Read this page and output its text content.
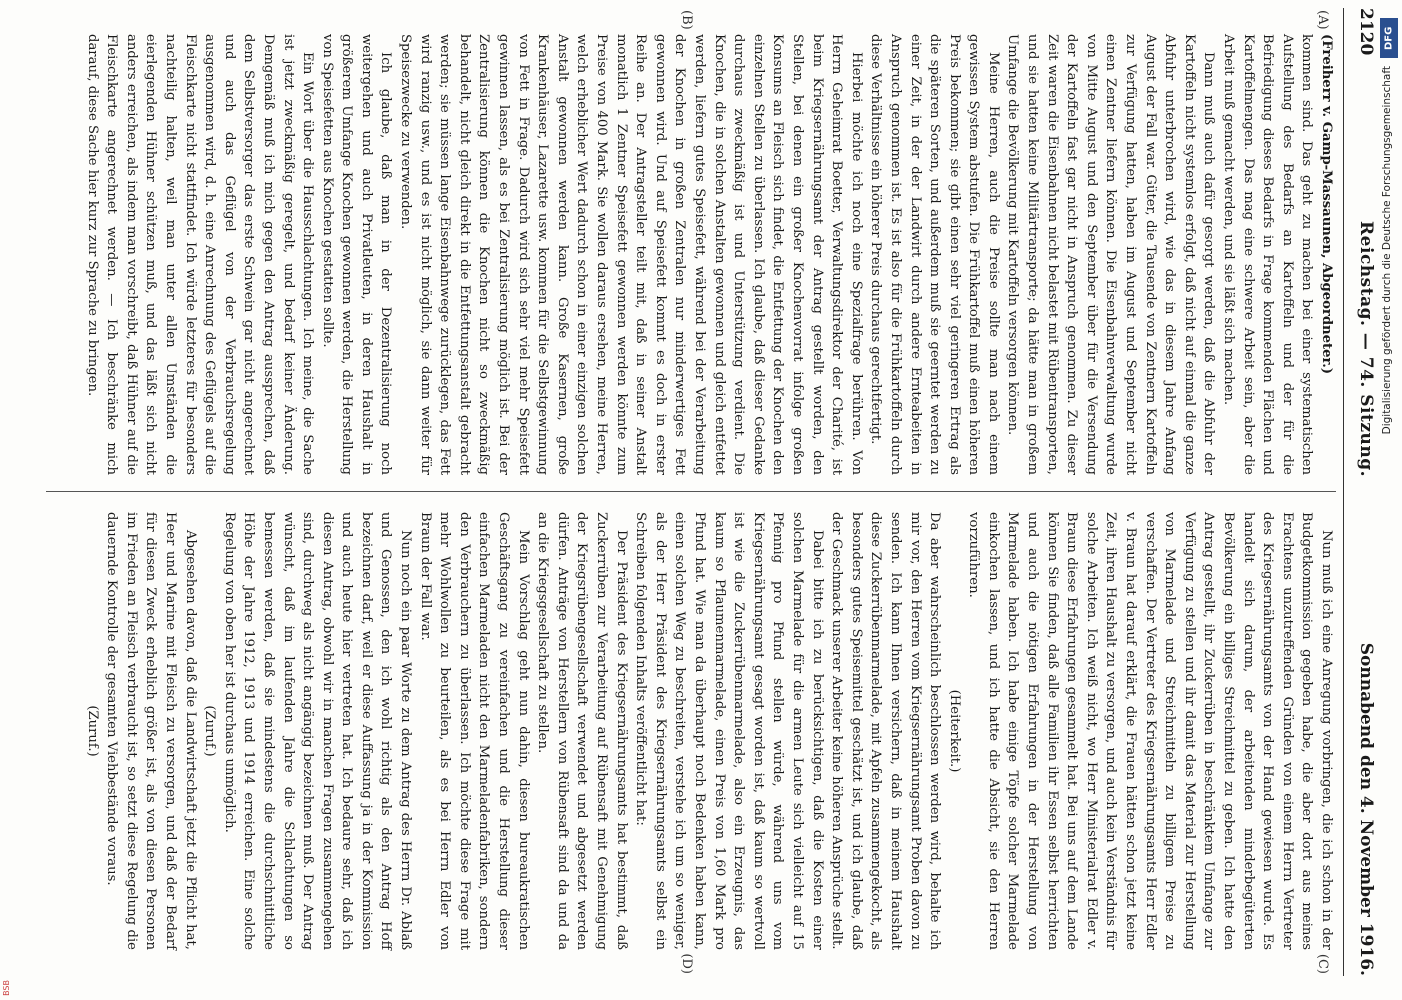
2120
Reichstag. — 74. Sitzung.
Sonnabend den 4. November 1916.
(A)
(B)

(Freiherr v. Gamp-Massaunen, Abgeordneter.)

kommen sind. Das geht zu machen bei einer systematischen Aufstellung des Bedarfs an Kartoffeln und der für die Befriedigung dieses Bedarfs in Frage kommenden Flächen und Kartoffelmengen. Das mag eine schwere Arbeit sein, aber die Arbeit muß gemacht werden, und sie läßt sich machen.

Dann muß auch dafür gesorgt werden, daß die Abfuhr der Kartoffeln nicht systemlos erfolgt, daß nicht auf einmal die ganze Abfuhr unterbrochen wird, wie das in diesem Jahre Anfang August der Fall war. Güter, die Tausende von Zentnern Kartoffeln zur Verfügung hatten, haben im August und September nicht einen Zentner liefern können. Die Eisenbahnverwaltung wurde von Mitte August und den September über für die Versendung der Kartoffeln fast gar nicht in Anspruch genommen. Zu dieser Zeit waren die Eisenbahnen nicht belastet mit Rübentransporten, und sie hatten keine Militärtransporte; da hätte man in großem Umfange die Bevölkerung mit Kartoffeln versorgen können.

Meine Herren, auch die Preise sollte man nach einem gewissen System abstufen. Die Frühkartoffel muß einen höheren Preis bekommen; sie gibt einen sehr viel geringeren Ertrag als die späteren Sorten, und außerdem muß sie geerntet werden zu einer Zeit, in der der Landwirt durch andere Ernteabeiten in Anspruch genommen ist. Es ist also für die Frühkartoffeln durch diese Verhältnisse ein höherer Preis durchaus gerechtfertigt.

Hierbei möchte ich noch eine Spezialfrage berühren. Von Herrn Geheimrat Boetter, Verwaltungsdirektor der Charité, ist beim Kriegsernährungsamt der Antrag gestellt worden, den Stellen, bei denen ein großer Knochenvorrat infolge großen Konsums an Fleisch sich findet, die Entfettung der Knochen den einzelnen Stellen zu überlassen. Ich glaube, daß dieser Gedanke durchaus zweckmäßig ist und Unterstützung verdient. Die Knochen, die in solchen Anstalten gewonnen und gleich entfettet werden, liefern gutes Speisefett, während bei der Verarbeitung der Knochen in großen Zentralen nur minderwertiges Fett gewonnen wird. Und auf Speisefett kommt es doch in erster Reihe an. Der Antragsteller teilt mit, daß in seiner Anstalt monatlich 1 Zentner Speisefett gewonnen werden könnte zum Preise von 400 Mark. Sie wollen daraus ersehen, meine Herren, welch erheblicher Wert dadurch schon in einer einzigen solchen Anstalt gewonnen werden kann. Große Kasernen, große Krankenhäuser, Lazarette usw. kommen für die Selbstgewinnung von Fett in Frage. Dadurch wird sich sehr viel mehr Speisefett gewinnen lassen, als es bei Zentralisierung möglich ist. Bei der Zentralisierung können die Knochen nicht so zweckmäßig behandelt, nicht gleich direkt in die Entfettungsanstalt gebracht werden; sie müssen lange Eisenbahnwege zurücklegen, das Fett wird ranzig usw., und es ist nicht möglich, sie dann weiter für Speisezwecke zu verwenden.

Ich glaube, daß man in der Dezentralisierung noch weitergehen und auch Privatleuten, in deren Haushalt in größerem Umfange Knochen gewonnen werden, die Herstellung von Speisefetten aus Knochen gestatten sollte.

Ein Wort über die Hausschlachtungen. Ich meine, die Sache ist jetzt zweckmäßig geregelt, und bedarf keiner Änderung. Demgemäß muß ich mich gegen den Antrag aussprechen, daß dem Selbstversorger das erste Schwein gar nicht angerechnet und auch das Geflügel von der Verbrauchsregelung ausgenommen wird, d. h. eine Anrechnung des Geflügels auf die Fleischkarte nicht stattfindet. Ich würde letzteres für besonders nachteilig halten, weil man unter allen Umständen die eierlegenden Hühner schützen muß, und das läßt sich nicht anders erreichen, als indem man vorschreibt, daß Hühner auf die Fleischkarte angerechnet werden. — Ich beschränke mich darauf, diese Sache hier kurz zur Sprache zu bringen.

(C)
(D)

Nun muß ich eine Anregung vorbringen, die ich schon in der Budgetkommission gegeben habe, die aber dort aus meines Erachtens unzutreffenden Gründen von einem Herrn Vertreter des Kriegsernährungsamts von der Hand gewiesen wurde. Es handelt sich darum, der arbeitenden minderbegüterten Bevölkerung ein billiges Streichmittel zu geben. Ich hatte den Antrag gestellt, ihr Zuckerrüben in beschränktem Umfange zur Verfügung zu stellen und ihr damit das Material zur Herstellung von Marmelade und Streichmitteln zu billigem Preise zu verschaffen. Der Vertreter des Kriegsernährungsamts Herr Edler v. Braun hat darauf erklärt, die Frauen hätten schon jetzt keine Zeit, ihren Haushalt zu versorgen, und auch kein Verständnis für solche Arbeiten. Ich weiß nicht, wo Herr Ministerialrat Edler v. Braun diese Erfahrungen gesammelt hat. Bei uns auf dem Lande können Sie finden, daß alle Familien ihr Essen selbst herrichten und auch die nötigen Erfahrungen in der Herstellung von Marmelade haben. Ich habe einige Töpfe solcher Marmelade einkochen lassen, und ich hatte die Absicht, sie den Herren vorzuführen.

(Heiterkeit.)

Da aber wahrscheinlich beschlossen werden wird, behalte ich mir vor, den Herren vom Kriegsernährungsamt Proben davon zu senden. Ich kann Ihnen versichern, daß in meinem Haushalt diese Zuckerrübenmarmelade, mit Apfeln zusammengekocht, als besonders gutes Speisemittel geschätzt ist, und ich glaube, daß der Geschmack unserer Arbeiter keine höheren Ansprüche stellt.

Dabei bitte ich zu berücksichtigen, daß die Kosten einer solchen Marmelade für die armen Leute sich vielleicht auf 15 Pfennig pro Pfund stellen würde, während uns vom Kriegsernährungsamt gesagt worden ist, daß kaum so wertvoll ist wie die Zuckerrübenmarmelade, also ein Erzeugnis, das kaum so Pflaumenmarmelade, einen Preis von 1,60 Mark pro Pfund hat. Wie man da überhaupt noch Bedenken haben kann, einen solchen Weg zu beschreiten, verstehe ich um so weniger, als der Herr Präsident des Kriegsernährungsamts selbst ein Schreiben folgenden Inhalts veröffentlicht hat:

Der Präsident des Kriegsernährungsamts hat bestimmt, daß Zuckerrüben zur Verarbeitung auf Rübensaft mit Genehmigung der Kriegsrübengesellschaft verwendet und abgesetzt werden dürfen. Anträge von Herstellern von Rübensaft sind da und da an die Kriegsgesellschaft zu stellen.

Mein Vorschlag geht nun dahin, diesen bureaukratischen Geschäftsgang zu vereinfachen und die Herstellung dieser einfachen Marmeladen nicht den Marmeladenfabriken, sondern den Verbrauchern zu überlassen. Ich möchte diese Frage mit mehr Wohlwollen zu beurteilen, als es bei Herrn Edler von Braun der Fall war.

Nun noch ein paar Worte zu dem Antrag des Herrn Dr. Ablaß und Genossen, den ich wohl richtig als den Antrag Hoff bezeichnen darf, weil er diese Auffassung ja in der Kommission und auch heute hier vertreten hat. Ich bedaure sehr, daß ich diesen Antrag, obwohl wir in manchen Fragen zusammengehen sind, durchweg als nicht angängig bezeichnen muß. Der Antrag wünscht, daß im laufenden Jahre die Schlachtungen so bemessen werden, daß sie mindestens die durchschnittliche Höhe der Jahre 1912, 1913 und 1914 erreichen. Eine solche Regelung von oben her ist durchaus unmöglich.

(Zuruf.)

Abgesehen davon, daß die Landwirtschaft jetzt die Pflicht hat, Heer und Marine mit Fleisch zu versorgen, und daß der Bedarf für diesen Zweck erheblich größer ist, als von diesen Personen im Frieden an Fleisch verbraucht ist, so setzt diese Regelung die dauernde Kontrolle der gesamten Viehbestände voraus.

(Zuruf.)

DFG
Digitalisierung gefördert durch die Deutsche Forschungsgemeinschaft
BSB
